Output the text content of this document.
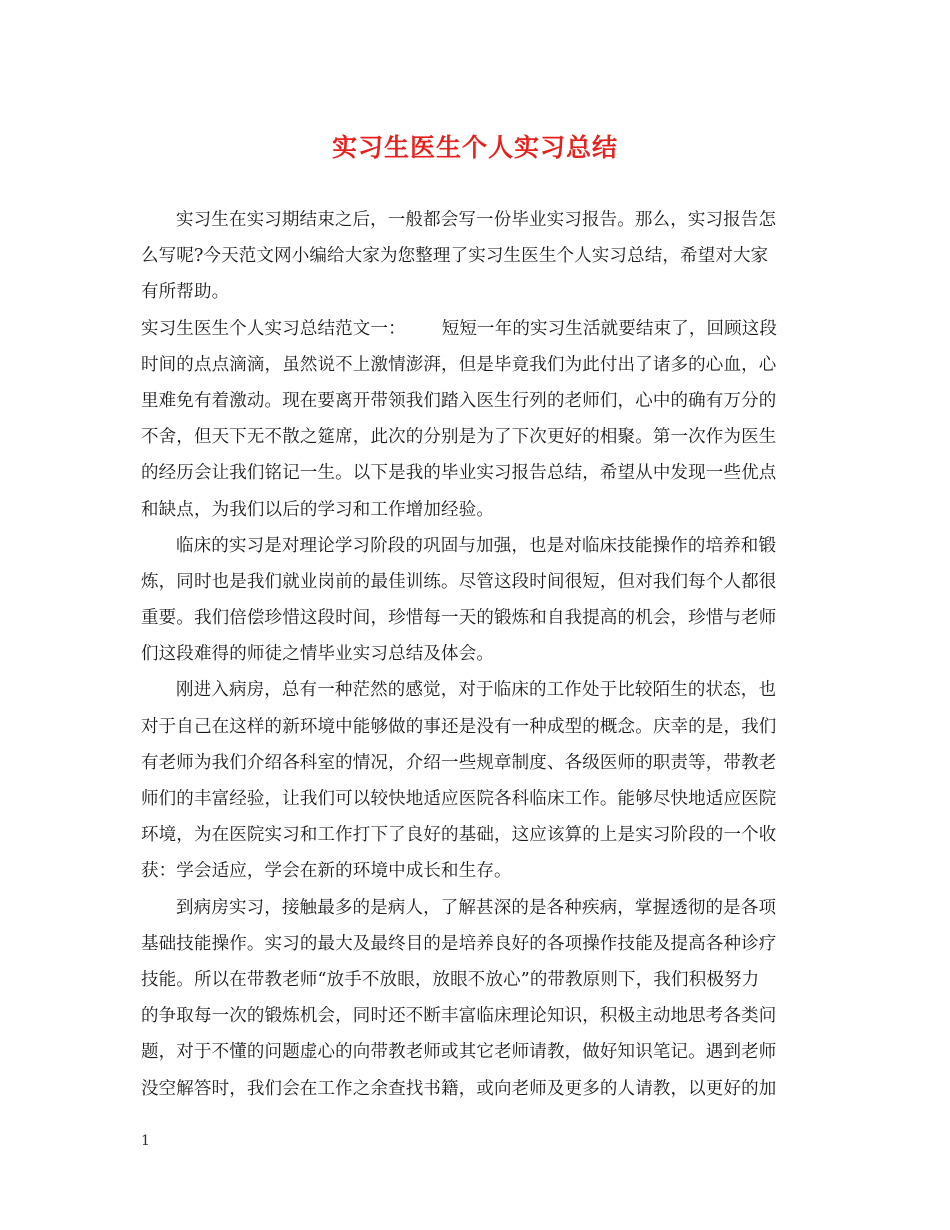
实习生医生个人实习总结
实习生在实习期结束之后，一般都会写一份毕业实习报告。那么，实习报告怎
么写呢?今天范文网小编给大家为您整理了实习生医生个人实习总结，希望对大家
有所帮助。
实习生医生个人实习总结范文一： 短短一年的实习生活就要结束了，回顾这段
时间的点点滴滴，虽然说不上激情澎湃，但是毕竟我们为此付出了诸多的心血，心
里难免有着激动。现在要离开带领我们踏入医生行列的老师们，心中的确有万分的
不舍，但天下无不散之筵席，此次的分别是为了下次更好的相聚。第一次作为医生
的经历会让我们铭记一生。以下是我的毕业实习报告总结，希望从中发现一些优点
和缺点，为我们以后的学习和工作增加经验。
临床的实习是对理论学习阶段的巩固与加强，也是对临床技能操作的培养和锻
炼，同时也是我们就业岗前的最佳训练。尽管这段时间很短，但对我们每个人都很
重要。我们倍偿珍惜这段时间，珍惜每一天的锻炼和自我提高的机会，珍惜与老师
们这段难得的师徒之情毕业实习总结及体会。
刚进入病房，总有一种茫然的感觉，对于临床的工作处于比较陌生的状态，也
对于自己在这样的新环境中能够做的事还是没有一种成型的概念。庆幸的是，我们
有老师为我们介绍各科室的情况，介绍一些规章制度、各级医师的职责等，带教老
师们的丰富经验，让我们可以较快地适应医院各科临床工作。能够尽快地适应医院
环境，为在医院实习和工作打下了良好的基础，这应该算的上是实习阶段的一个收
获：学会适应，学会在新的环境中成长和生存。
到病房实习，接触最多的是病人，了解甚深的是各种疾病，掌握透彻的是各项
基础技能操作。实习的最大及最终目的是培养良好的各项操作技能及提高各种诊疗
技能。所以在带教老师“放手不放眼，放眼不放心”的带教原则下，我们积极努力
的争取每一次的锻炼机会，同时还不断丰富临床理论知识，积极主动地思考各类问
题，对于不懂的问题虚心的向带教老师或其它老师请教，做好知识笔记。遇到老师
没空解答时，我们会在工作之余查找书籍，或向老师及更多的人请教，以更好的加
1
